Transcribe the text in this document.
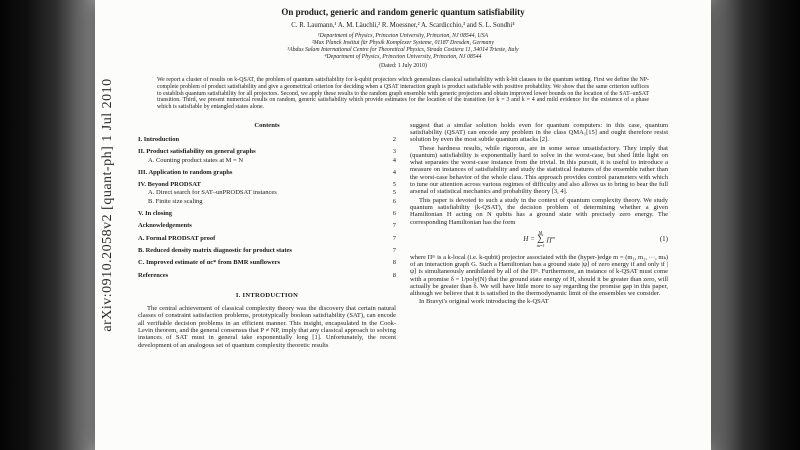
arXiv:0910.2058v2 [quant-ph] 1 Jul 2010
On product, generic and random generic quantum satisfiability
C. R. Laumann,¹ A. M. Läuchli,² R. Moessner,² A. Scardicchio,³ and S. L. Sondhi⁴
¹Department of Physics, Princeton University, Princeton, NJ 08544, USA
²Max Planck Institut für Physik Komplexer Systeme, 01187 Dresden, Germany
³Abdus Salam International Centre for Theoretical Physics, Strada Costiera 11, 34014 Trieste, Italy
⁴Department of Physics, Princeton University, Princeton, NJ 08544
(Dated: 1 July 2010)
We report a cluster of results on k-QSAT, the problem of quantum satisfiability for k-qubit projectors which generalizes classical satisfiability with k-bit clauses to the quantum setting. First we define the NP-complete problem of product satisfiability and give a geometrical criterion for deciding when a QSAT interaction graph is product satisfiable with positive probability. We show that the same criterion suffices to establish quantum satisfiability for all projectors. Second, we apply these results to the random graph ensemble with generic projectors and obtain improved lower bounds on the location of the SAT–unSAT transition. Third, we present numerical results on random, generic satisfiability which provide estimates for the location of the transition for k = 3 and k = 4 and mild evidence for the existence of a phase which is satisfiable by entangled states alone.
Contents
I. Introduction	2
II. Product satisfiability on general graphs	3
A. Counting product states at M = N	4
III. Application to random graphs	4
IV. Beyond PRODSAT	5
A. Direct search for SAT–unPRODSAT instances	5
B. Finite size scaling	6
V. In closing	6
Acknowledgements	7
A. Formal PRODSAT proof	7
B. Reduced density matrix diagnostic for product states	7
C. Improved estimate of αc* from BMR sunflowers	8
References	8
I. INTRODUCTION
The central achievement of classical complexity theory was the discovery that certain natural classes of constraint satisfaction problems, prototypically boolean satisfiability (SAT), can encode all verifiable decision problems in an efficient manner. This insight, encapsulated in the Cook-Levin theorem, and the general consensus that P ≠ NP, imply that any classical approach to solving instances of SAT must in general take exponentially long [1]. Unfortunately, the recent development of an analogous set of quantum complexity theoretic results
suggest that a similar solution holds even for quantum computers: in this case, quantum satisfiability (QSAT) can encode any problem in the class QMA₁[15] and ought therefore resist solution by even the most subtle quantum attacks [2].
These hardness results, while rigorous, are in some sense unsatisfactory. They imply that (quantum) satisfiability is exponentially hard to solve in the worst-case, but shed little light on what separates the worst-case instance from the trivial. In this pursuit, it is useful to introduce a measure on instances of satisfiability and study the statistical features of the ensemble rather than the worst-case behavior of the whole class. This approach provides control parameters with which to tune our attention across various regimes of difficulty and also allows us to bring to bear the full arsenal of statistical mechanics and probability theory [3, 4].
This paper is devoted to such a study in the context of quantum complexity theory. We study quantum satisfiability (k-QSAT), the decision problem of determining whether a given Hamiltonian H acting on N qubits has a ground state with precisely zero energy. The corresponding Hamiltonian has the form
H =
M
∑
m=1
$\Pi^m$	(1)
where Πᵐ is a k-local (i.e. k-qubit) projector associated with the (hyper-)edge m = (m₁, m₂, ···, mₖ) of an interaction graph G. Such a Hamiltonian has a ground state |ψ⟩ of zero energy if and only if |ψ⟩ is simultaneously annihilated by all of the Πᵐ. Furthermore, an instance of k-QSAT must come with a promise δ = 1/poly(N) that the ground state energy of H, should it be greater than zero, will actually be greater than δ. We will have little more to say regarding the promise gap in this paper, although we believe that it is satisfied in the thermodynamic limit of the ensembles we consider.
In Bravyi's original work introducing the k-QSAT
